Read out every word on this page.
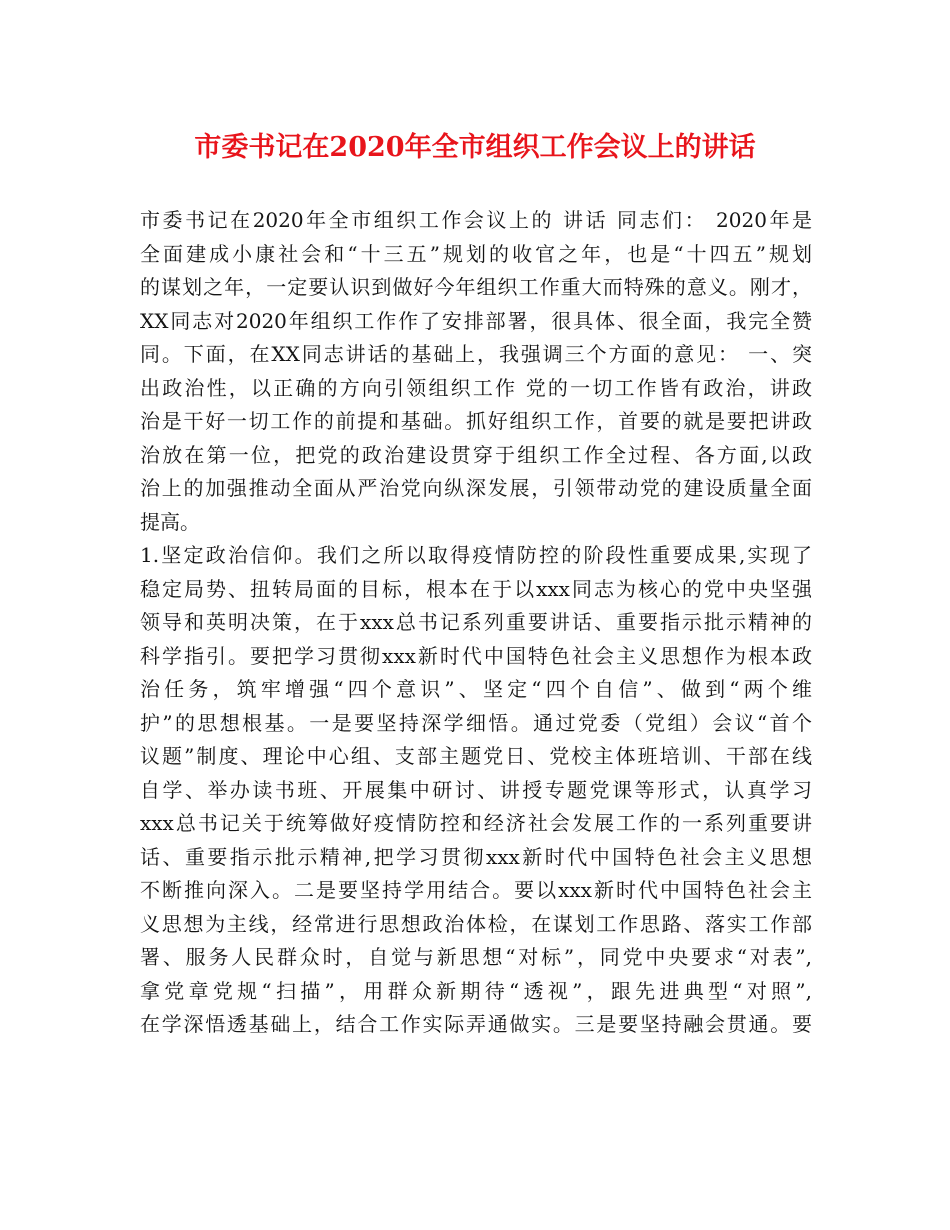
市委书记在2020年全市组织工作会议上的讲话
市委书记在2020年全市组织工作会议上的 讲话 同志们： 2020年是
全面建成小康社会和“十三五”规划的收官之年，也是“十四五”规划
的谋划之年，一定要认识到做好今年组织工作重大而特殊的意义。刚才，
XX同志对2020年组织工作作了安排部署，很具体、很全面，我完全赞
同。下面，在XX同志讲话的基础上，我强调三个方面的意见： 一、突
出政治性，以正确的方向引领组织工作 党的一切工作皆有政治，讲政
治是干好一切工作的前提和基础。抓好组织工作，首要的就是要把讲政
治放在第一位，把党的政治建设贯穿于组织工作全过程、各方面,以政
治上的加强推动全面从严治党向纵深发展，引领带动党的建设质量全面
提高。
1.坚定政治信仰。我们之所以取得疫情防控的阶段性重要成果,实现了
稳定局势、扭转局面的目标，根本在于以xxx同志为核心的党中央坚强
领导和英明决策，在于xxx总书记系列重要讲话、重要指示批示精神的
科学指引。要把学习贯彻xxx新时代中国特色社会主义思想作为根本政
治任务，筑牢增强“四个意识”、坚定“四个自信”、做到“两个维
护”的思想根基。一是要坚持深学细悟。通过党委（党组）会议“首个
议题”制度、理论中心组、支部主题党日、党校主体班培训、干部在线
自学、举办读书班、开展集中研讨、讲授专题党课等形式，认真学习
xxx总书记关于统筹做好疫情防控和经济社会发展工作的一系列重要讲
话、重要指示批示精神,把学习贯彻xxx新时代中国特色社会主义思想
不断推向深入。二是要坚持学用结合。要以xxx新时代中国特色社会主
义思想为主线，经常进行思想政治体检，在谋划工作思路、落实工作部
署、服务人民群众时，自觉与新思想“对标”，同党中央要求“对表”,
拿党章党规“扫描”，用群众新期待“透视”，跟先进典型“对照”,
在学深悟透基础上，结合工作实际弄通做实。三是要坚持融会贯通。要
